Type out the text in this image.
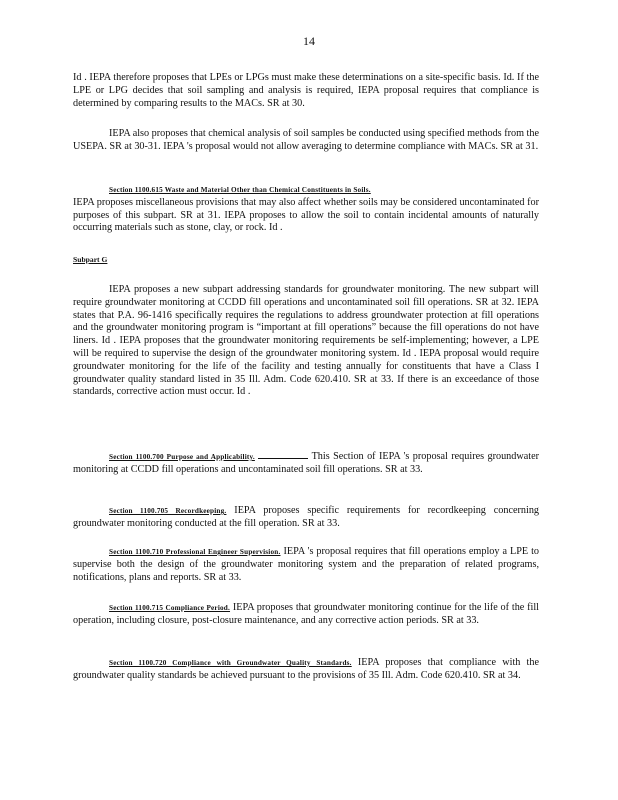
14
Id . IEPA therefore proposes that LPEs or LPGs must make these determinations on a site-specific basis. Id. If the LPE or LPG decides that soil sampling and analysis is required, IEPA proposal requires that compliance is determined by comparing results to the MACs. SR at 30.
IEPA also proposes that chemical analysis of soil samples be conducted using specified methods from the USEPA. SR at 30-31. IEPA 's proposal would not allow averaging to determine compliance with MACs. SR at 31.
Section 1100.615 Waste and Material Other than Chemical Constituents in Soils.
IEPA proposes miscellaneous provisions that may also affect whether soils may be considered uncontaminated for purposes of this subpart. SR at 31. IEPA proposes to allow the soil to contain incidental amounts of naturally occurring materials such as stone, clay, or rock. Id .
Subpart G
IEPA proposes a new subpart addressing standards for groundwater monitoring. The new subpart will require groundwater monitoring at CCDD fill operations and uncontaminated soil fill operations. SR at 32. IEPA states that P.A. 96-1416 specifically requires the regulations to address groundwater protection at fill operations and the groundwater monitoring program is “important at fill operations” because the fill operations do not have liners. Id . IEPA proposes that the groundwater monitoring requirements be self-implementing; however, a LPE will be required to supervise the design of the groundwater monitoring system. Id . IEPA proposal would require groundwater monitoring for the life of the facility and testing annually for constituents that have a Class I groundwater quality standard listed in 35 Ill. Adm. Code 620.410. SR at 33. If there is an exceedance of those standards, corrective action must occur. Id .
Section 1100.700 Purpose and Applicability.	This Section of IEPA 's proposal requires groundwater monitoring at CCDD fill operations and uncontaminated soil fill operations. SR at 33.
Section 1100.705 Recordkeeping. IEPA proposes specific requirements for recordkeeping concerning groundwater monitoring conducted at the fill operation. SR at 33.
Section 1100.710 Professional Engineer Supervision. IEPA 's proposal requires that fill operations employ a LPE to supervise both the design of the groundwater monitoring system and the preparation of related programs, notifications, plans and reports. SR at 33.
Section 1100.715 Compliance Period. IEPA proposes that groundwater monitoring continue for the life of the fill operation, including closure, post-closure maintenance, and any corrective action periods. SR at 33.
Section 1100.720 Compliance with Groundwater Quality Standards. IEPA proposes that compliance with the groundwater quality standards be achieved pursuant to the provisions of 35 Ill. Adm. Code 620.410. SR at 34.
